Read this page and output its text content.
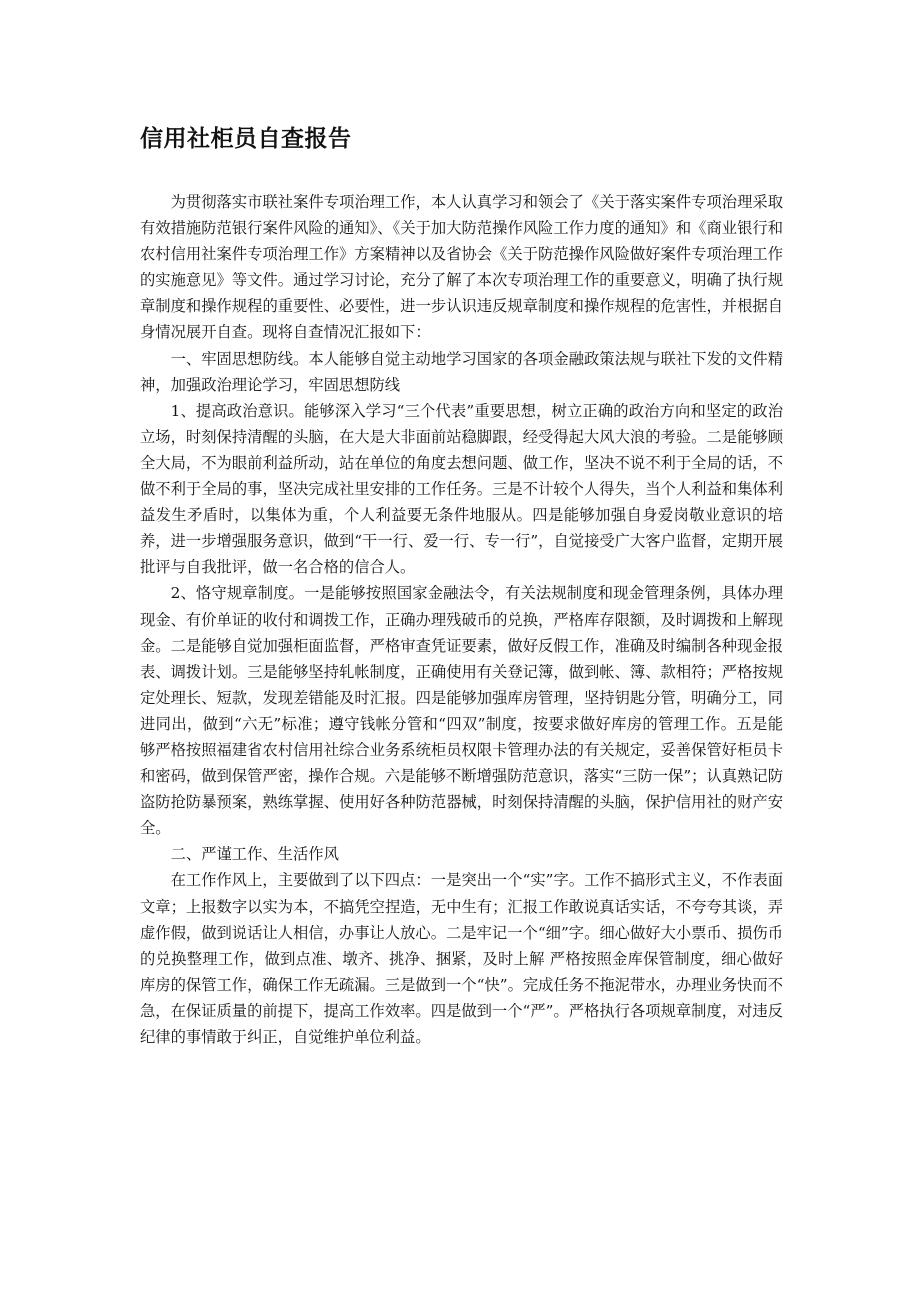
信用社柜员自查报告

为贯彻落实市联社案件专项治理工作，本人认真学习和领会了《关于落实案件专项治理采取有效措施防范银行案件风险的通知》、《关于加大防范操作风险工作力度的通知》和《商业银行和农村信用社案件专项治理工作》方案精神以及省协会《关于防范操作风险做好案件专项治理工作的实施意见》等文件。通过学习讨论，充分了解了本次专项治理工作的重要意义，明确了执行规章制度和操作规程的重要性、必要性，进一步认识违反规章制度和操作规程的危害性，并根据自身情况展开自查。现将自查情况汇报如下：

一、牢固思想防线。本人能够自觉主动地学习国家的各项金融政策法规与联社下发的文件精神，加强政治理论学习，牢固思想防线

1、提高政治意识。能够深入学习“三个代表”重要思想，树立正确的政治方向和坚定的政治立场，时刻保持清醒的头脑，在大是大非面前站稳脚跟，经受得起大风大浪的考验。二是能够顾全大局，不为眼前利益所动，站在单位的角度去想问题、做工作，坚决不说不利于全局的话，不做不利于全局的事，坚决完成社里安排的工作任务。三是不计较个人得失，当个人利益和集体利益发生矛盾时，以集体为重，个人利益要无条件地服从。四是能够加强自身爱岗敬业意识的培养，进一步增强服务意识，做到“干一行、爱一行、专一行”，自觉接受广大客户监督，定期开展批评与自我批评，做一名合格的信合人。

2、恪守规章制度。一是能够按照国家金融法令，有关法规制度和现金管理条例，具体办理现金、有价单证的收付和调拨工作，正确办理残破币的兑换，严格库存限额，及时调拨和上解现金。二是能够自觉加强柜面监督，严格审查凭证要素，做好反假工作，准确及时编制各种现金报表、调拨计划。三是能够坚持轧帐制度，正确使用有关登记簿，做到帐、簿、款相符；严格按规定处理长、短款，发现差错能及时汇报。四是能够加强库房管理，坚持钥匙分管，明确分工，同进同出，做到“六无”标准；遵守钱帐分管和“四双”制度，按要求做好库房的管理工作。五是能够严格按照福建省农村信用社综合业务系统柜员权限卡管理办法的有关规定，妥善保管好柜员卡和密码，做到保管严密，操作合规。六是能够不断增强防范意识，落实“三防一保”；认真熟记防盗防抢防暴预案，熟练掌握、使用好各种防范器械，时刻保持清醒的头脑，保护信用社的财产安全。

二、严谨工作、生活作风

在工作作风上，主要做到了以下四点：一是突出一个“实”字。工作不搞形式主义，不作表面文章；上报数字以实为本，不搞凭空捏造，无中生有；汇报工作敢说真话实话，不夸夸其谈，弄虚作假，做到说话让人相信，办事让人放心。二是牢记一个“细”字。细心做好大小票币、损伤币的兑换整理工作，做到点准、墩齐、挑净、捆紧，及时上解 严格按照金库保管制度，细心做好库房的保管工作，确保工作无疏漏。三是做到一个“快”。完成任务不拖泥带水，办理业务快而不急，在保证质量的前提下，提高工作效率。四是做到一个“严”。严格执行各项规章制度，对违反纪律的事情敢于纠正，自觉维护单位利益。
